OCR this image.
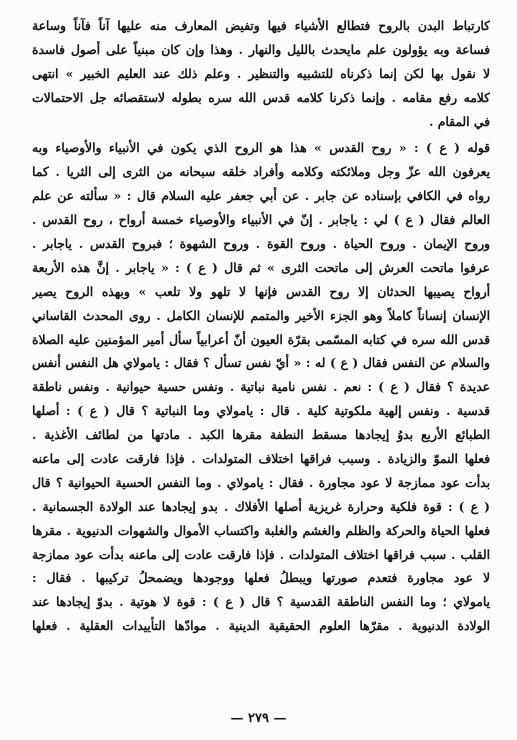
كارتباط البدن بالروح فتطالع الأشياء فيها وتفيض المعارف منه عليها آناً فآناً وساعة
فساعة وبه يؤولون علم مايحدث بالليل والنهار . وهذا وإن كان مبنياً على أصول فاسدة
لا نقول بها لكن إنما ذكرناه للتشبيه والتنظير . وعلم ذلك عند العليم الخبير » انتهى
كلامه رفع مقامه . وإنما ذكرنا كلامه قدس الله سره بطوله لاستقصائه جل الاحتمالات
في المقام .
قوله ( ع ) : « روح القدس » هذا هو الروح الذي يكون في الأنبياء والأوصياء وبه
يعرفون الله عزّ وجل وملائكته وكلامه وأفراد خلقه سبحانه من الثرى إلى الثريا . كما
رواه في الكافي بإسناده عن جابر . عن أبي جعفر عليه السلام قال : « سألته عن علم
العالم فقال ( ع ) لي : ياجابر . إنّ في الأنبياء والأوصياء خمسة أرواح ، روح القدس .
وروح الإيمان . وروح الحياة . وروح القوة . وروح الشهوة ؛ فبروح القدس . ياجابر .
عرفوا ماتحت العرش إلى ماتحت الثرى » ثم قال ( ع ) : « ياجابر . إنَّ هذه الأربعة
أرواح يصيبها الحدثان إلا روح القدس فإنها لا تلهو ولا تلعب » وبهذه الروح يصير
الإنسان إنساناً كاملاً وهو الجزء الأخير والمتمم للإنسان الكامل . روى المحدث القاساني
قدس الله سره في كتابه المسّمى بقرّة العيون أنّ أعرابياً سأل أمير المؤمنين عليه الصلاة
والسلام عن النفس فقال ( ع ) له : « أيّ نفس تسأل ؟ فقال : يامولاي هل النفس أنفس
عديدة ؟ فقال ( ع ) : نعم . نفس نامية نباتية . ونفس حسية حيوانية . ونفس ناطقة
قدسية . ونفس إلهية ملكوتية كلية . قال : يامولاي وما النباتية ؟ قال ( ع ) : أصلها
الطبائع الأربع بدوُ إيجادها مسقط النطفة مقرها الكبد . مادتها من لطائف الأغذية .
فعلها النموّ والزيادة . وسبب فراقها اختلاف المتولدات . فإذا فارقت عادت إلى ماعنه
بدأت عود ممازجة لا عود مجاورة . فقال : يامولاي . وما النفس الحسية الحيوانية ؟ قال
( ع ) : قوة فلكية وحرارة غريزية أصلها الأفلاك . بدو إيجادها عند الولادة الجسمانية .
فعلها الحياة والحركة والظلم والغشم والغلبة واكتساب الأموال والشهوات الدنيوية . مقرها
القلب . سبب فراقها اختلاف المتولدات . فإذا فارقت عادت إلى ماعنه بدأت عود ممازجة
لا عود مجاورة فتعدم صورتها ويبطلُ فعلها ووجودها ويضمحلُ تركيبها . فقال :
يامولاي ؛ وما النفس الناطقة القدسية ؟ قال ( ع ) : قوة لا هوتية . بدوّ إيجادها عند
الولادة الدنيوية . مقرّها العلوم الحقيقية الدينية . موادّها التأييدات العقلية . فعلها
— ٢٧٩ —
